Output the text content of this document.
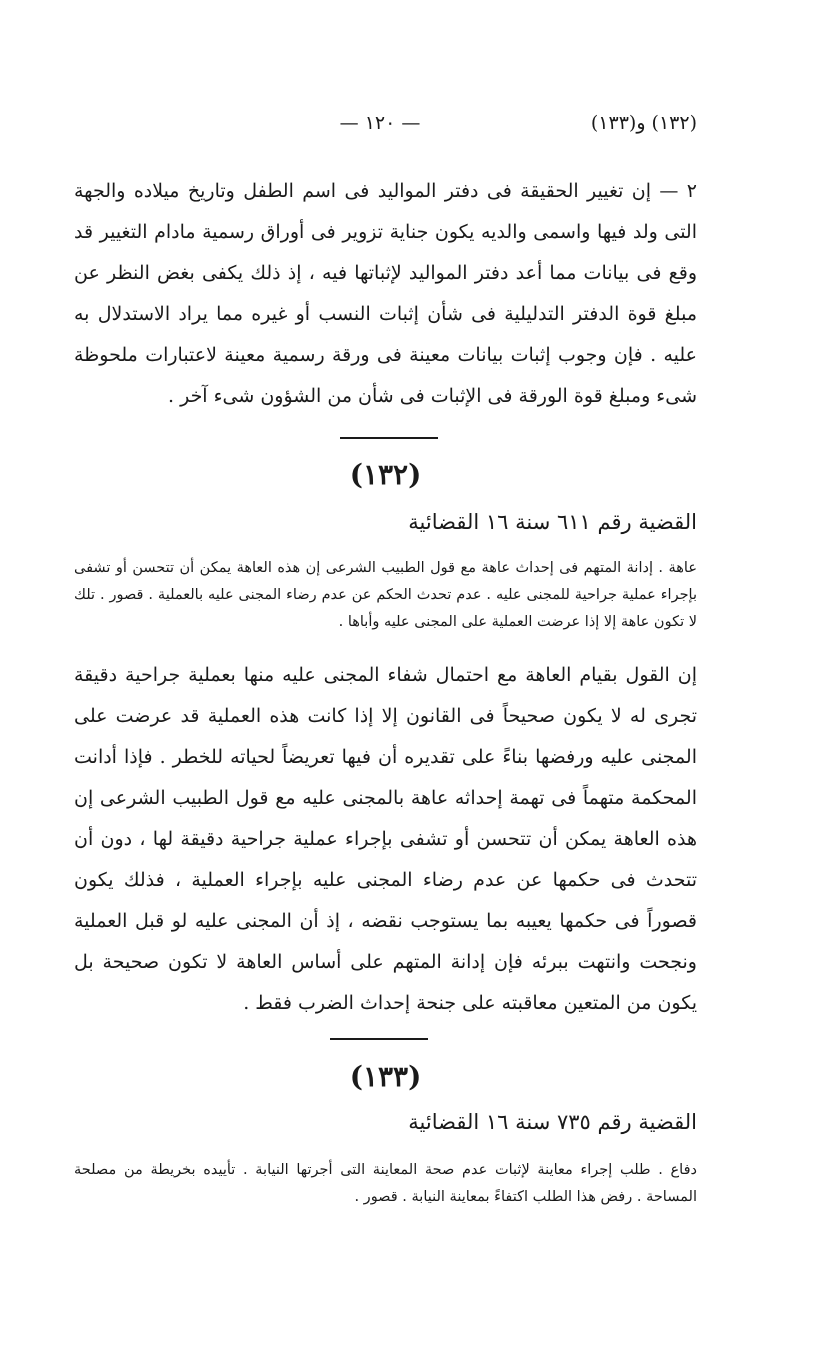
(١٣٢) و(١٣٣)
— ١٢٠ —

٢ — إن تغيير الحقيقة فى دفتر المواليد فى اسم الطفل وتاريخ ميلاده والجهة التى ولد فيها واسمى والديه يكون جناية تزوير فى أوراق رسمية مادام التغيير قد وقع فى بيانات مما أعد دفتر المواليد لإثباتها فيه ، إذ ذلك يكفى بغض النظر عن مبلغ قوة الدفتر التدليلية فى شأن إثبات النسب أو غيره مما يراد الاستدلال به عليه . فإن وجوب إثبات بيانات معينة فى ورقة رسمية معينة لاعتبارات ملحوظة شىء ومبلغ قوة الورقة فى الإثبات فى شأن من الشؤون شىء آخر .

(١٣٢)
القضية رقم ٦١١ سنة ١٦ القضائية

عاهة . إدانة المتهم فى إحداث عاهة مع قول الطبيب الشرعى إن هذه العاهة يمكن أن تتحسن أو تشفى بإجراء عملية جراحية للمجنى عليه . عدم تحدث الحكم عن عدم رضاء المجنى عليه بالعملية . قصور . تلك لا تكون عاهة إلا إذا عرضت العملية على المجنى عليه وأباها .

إن القول بقيام العاهة مع احتمال شفاء المجنى عليه منها بعملية جراحية دقيقة تجرى له لا يكون صحيحاً فى القانون إلا إذا كانت هذه العملية قد عرضت على المجنى عليه ورفضها بناءً على تقديره أن فيها تعريضاً لحياته للخطر . فإذا أدانت المحكمة متهماً فى تهمة إحداثه عاهة بالمجنى عليه مع قول الطبيب الشرعى إن هذه العاهة يمكن أن تتحسن أو تشفى بإجراء عملية جراحية دقيقة لها ، دون أن تتحدث فى حكمها عن عدم رضاء المجنى عليه بإجراء العملية ، فذلك يكون قصوراً فى حكمها يعيبه بما يستوجب نقضه ، إذ أن المجنى عليه لو قبل العملية ونجحت وانتهت ببرئه فإن إدانة المتهم على أساس العاهة لا تكون صحيحة بل يكون من المتعين معاقبته على جنحة إحداث الضرب فقط .

(١٣٣)
القضية رقم ٧٣٥ سنة ١٦ القضائية

دفاع . طلب إجراء معاينة لإثبات عدم صحة المعاينة التى أجرتها النيابة . تأييده بخريطة من مصلحة المساحة . رفض هذا الطلب اكتفاءً بمعاينة النيابة . قصور .
